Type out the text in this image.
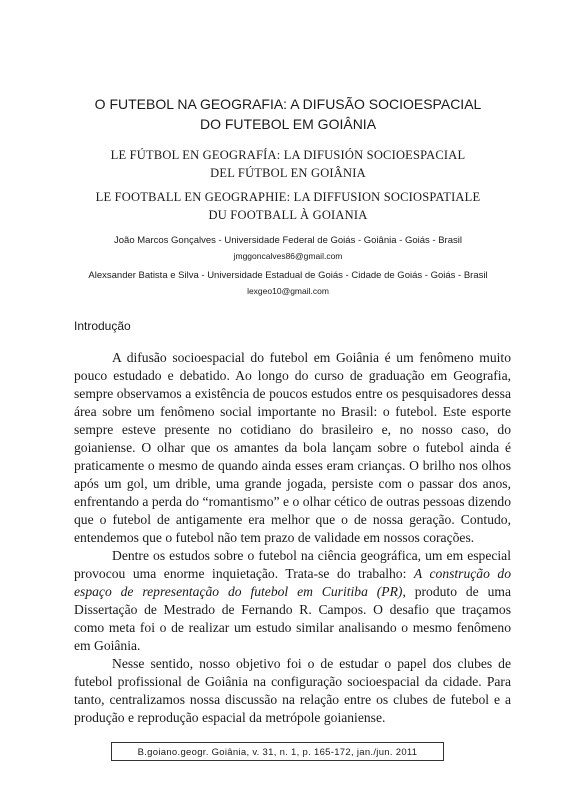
O FUTEBOL NA GEOGRAFIA: A DIFUSÃO SOCIOESPACIAL
DO FUTEBOL EM GOIÂNIA
LE FÚTBOL EN GEOGRAFÍA: LA DIFUSIÓN SOCIOESPACIAL
DEL FÚTBOL EN GOIÂNIA
LE FOOTBALL EN GEOGRAPHIE: LA DIFFUSION SOCIOSPATIALE
DU FOOTBALL À GOIANIA
João Marcos Gonçalves - Universidade Federal de Goiás - Goiânia - Goiás - Brasil
jmggoncalves86@gmail.com
Alexsander Batista e Silva - Universidade Estadual de Goiás - Cidade de Goiás - Goiás - Brasil
lexgeo10@gmail.com
Introdução

A difusão socioespacial do futebol em Goiânia é um fenômeno muito pouco estudado e debatido. Ao longo do curso de graduação em Geografia, sempre observamos a existência de poucos estudos entre os pesquisadores dessa área sobre um fenômeno social importante no Brasil: o futebol. Este esporte sempre esteve presente no cotidiano do brasileiro e, no nosso caso, do goianiense. O olhar que os amantes da bola lançam sobre o futebol ainda é praticamente o mesmo de quando ainda esses eram crianças. O brilho nos olhos após um gol, um drible, uma grande jogada, persiste com o passar dos anos, enfrentando a perda do “romantismo” e o olhar cético de outras pessoas dizendo que o futebol de antigamente era melhor que o de nossa geração. Contudo, entendemos que o futebol não tem prazo de validade em nossos corações.

Dentre os estudos sobre o futebol na ciência geográfica, um em especial provocou uma enorme inquietação. Trata-se do trabalho: A construção do espaço de representação do futebol em Curitiba (PR), produto de uma Dissertação de Mestrado de Fernando R. Campos. O desafio que traçamos como meta foi o de realizar um estudo similar analisando o mesmo fenômeno em Goiânia.

Nesse sentido, nosso objetivo foi o de estudar o papel dos clubes de futebol profissional de Goiânia na configuração socioespacial da cidade. Para tanto, centralizamos nossa discussão na relação entre os clubes de futebol e a produção e reprodução espacial da metrópole goianiense.

B.goiano.geogr. Goiânia, v. 31, n. 1, p. 165-172, jan./jun. 2011
